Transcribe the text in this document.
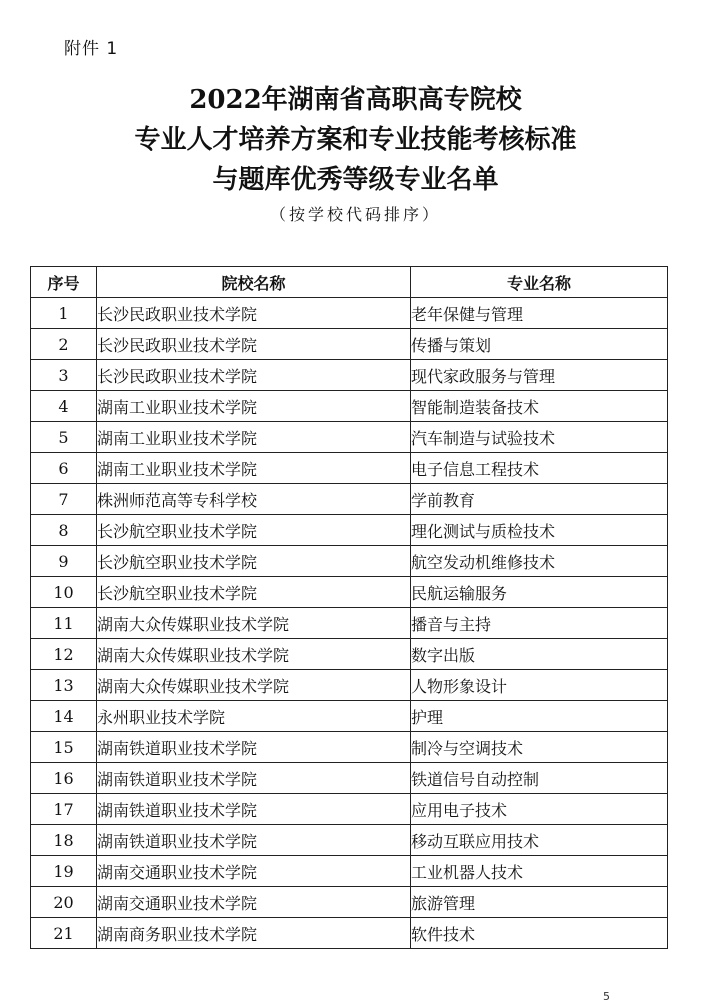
附件 1
2022年湖南省高职高专院校
专业人才培养方案和专业技能考核标准
与题库优秀等级专业名单
（按学校代码排序）
序号	院校名称	专业名称
1	长沙民政职业技术学院	老年保健与管理
2	长沙民政职业技术学院	传播与策划
3	长沙民政职业技术学院	现代家政服务与管理
4	湖南工业职业技术学院	智能制造装备技术
5	湖南工业职业技术学院	汽车制造与试验技术
6	湖南工业职业技术学院	电子信息工程技术
7	株洲师范高等专科学校	学前教育
8	长沙航空职业技术学院	理化测试与质检技术
9	长沙航空职业技术学院	航空发动机维修技术
10	长沙航空职业技术学院	民航运输服务
11	湖南大众传媒职业技术学院	播音与主持
12	湖南大众传媒职业技术学院	数字出版
13	湖南大众传媒职业技术学院	人物形象设计
14	永州职业技术学院	护理
15	湖南铁道职业技术学院	制冷与空调技术
16	湖南铁道职业技术学院	铁道信号自动控制
17	湖南铁道职业技术学院	应用电子技术
18	湖南铁道职业技术学院	移动互联应用技术
19	湖南交通职业技术学院	工业机器人技术
20	湖南交通职业技术学院	旅游管理
21	湖南商务职业技术学院	软件技术
5
